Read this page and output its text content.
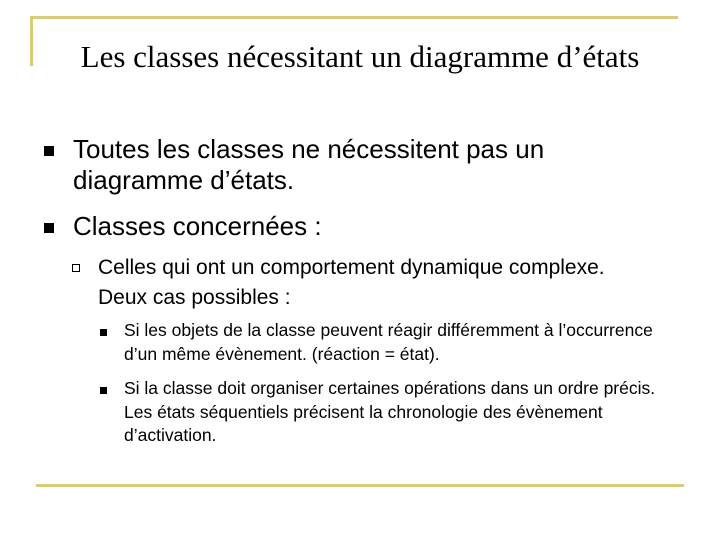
Les classes nécessitant un diagramme d’états
Toutes les classes ne nécessitent pas un diagramme d’états.
Classes concernées :
Celles qui ont un comportement dynamique complexe. Deux cas possibles :
Si les objets de la classe peuvent réagir différemment à l’occurrence d’un même évènement. (réaction = état).
Si la classe doit organiser certaines opérations dans un ordre précis. Les états séquentiels précisent la chronologie des évènement d’activation.
